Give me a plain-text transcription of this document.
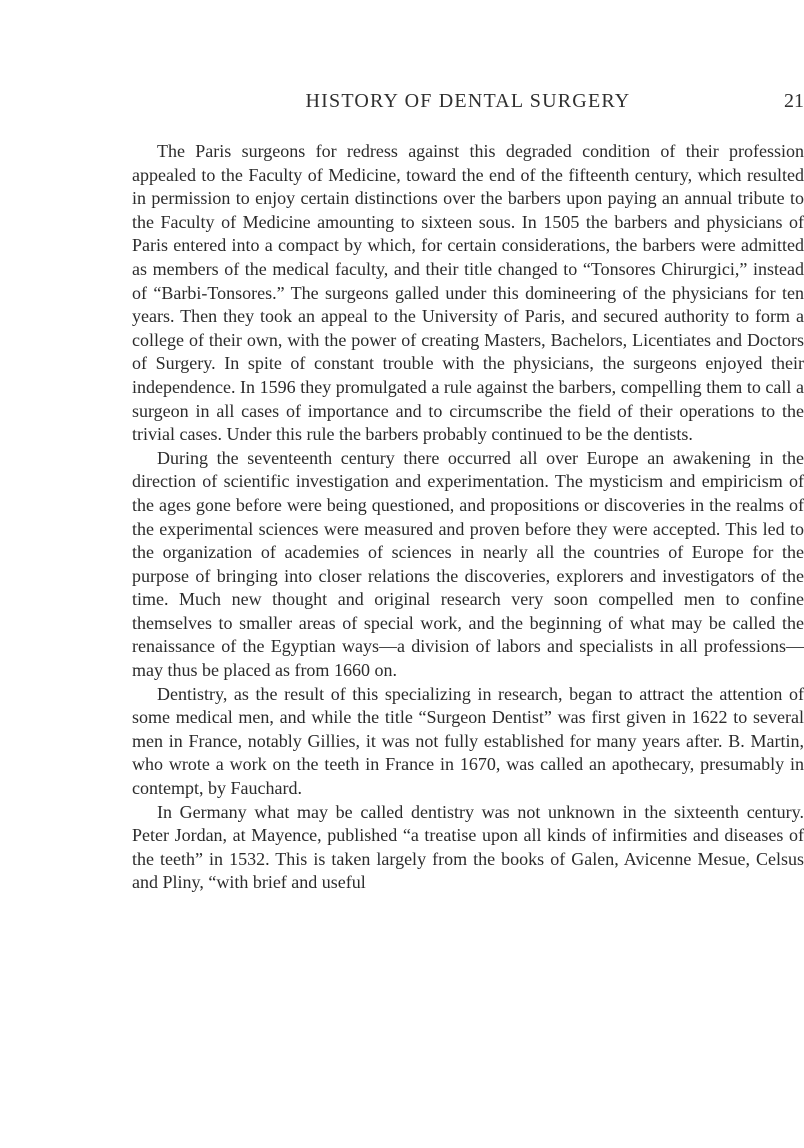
HISTORY OF DENTAL SURGERY	21

The Paris surgeons for redress against this degraded condition of their profession appealed to the Faculty of Medicine, toward the end of the fifteenth century, which resulted in permission to enjoy certain distinctions over the barbers upon paying an annual tribute to the Faculty of Medicine amounting to sixteen sous. In 1505 the barbers and physicians of Paris entered into a compact by which, for certain considerations, the barbers were admitted as members of the medical faculty, and their title changed to “Tonsores Chirurgici,” instead of “Barbi-Tonsores.” The surgeons galled under this domineering of the physicians for ten years. Then they took an appeal to the University of Paris, and secured authority to form a college of their own, with the power of creating Masters, Bachelors, Licentiates and Doctors of Surgery. In spite of constant trouble with the physicians, the surgeons enjoyed their independence. In 1596 they promulgated a rule against the barbers, compelling them to call a surgeon in all cases of importance and to circumscribe the field of their operations to the trivial cases. Under this rule the barbers probably continued to be the dentists.

During the seventeenth century there occurred all over Europe an awakening in the direction of scientific investigation and experimentation. The mysticism and empiricism of the ages gone before were being questioned, and propositions or discoveries in the realms of the experimental sciences were measured and proven before they were accepted. This led to the organization of academies of sciences in nearly all the countries of Europe for the purpose of bringing into closer relations the discoveries, explorers and investigators of the time. Much new thought and original research very soon compelled men to confine themselves to smaller areas of special work, and the beginning of what may be called the renaissance of the Egyptian ways—a division of labors and specialists in all professions—may thus be placed as from 1660 on.

Dentistry, as the result of this specializing in research, began to attract the attention of some medical men, and while the title “Surgeon Dentist” was first given in 1622 to several men in France, notably Gillies, it was not fully established for many years after. B. Martin, who wrote a work on the teeth in France in 1670, was called an apothecary, presumably in contempt, by Fauchard.

In Germany what may be called dentistry was not unknown in the sixteenth century. Peter Jordan, at Mayence, published “a treatise upon all kinds of infirmities and diseases of the teeth” in 1532. This is taken largely from the books of Galen, Avicenne Mesue, Celsus and Pliny, “with brief and useful
